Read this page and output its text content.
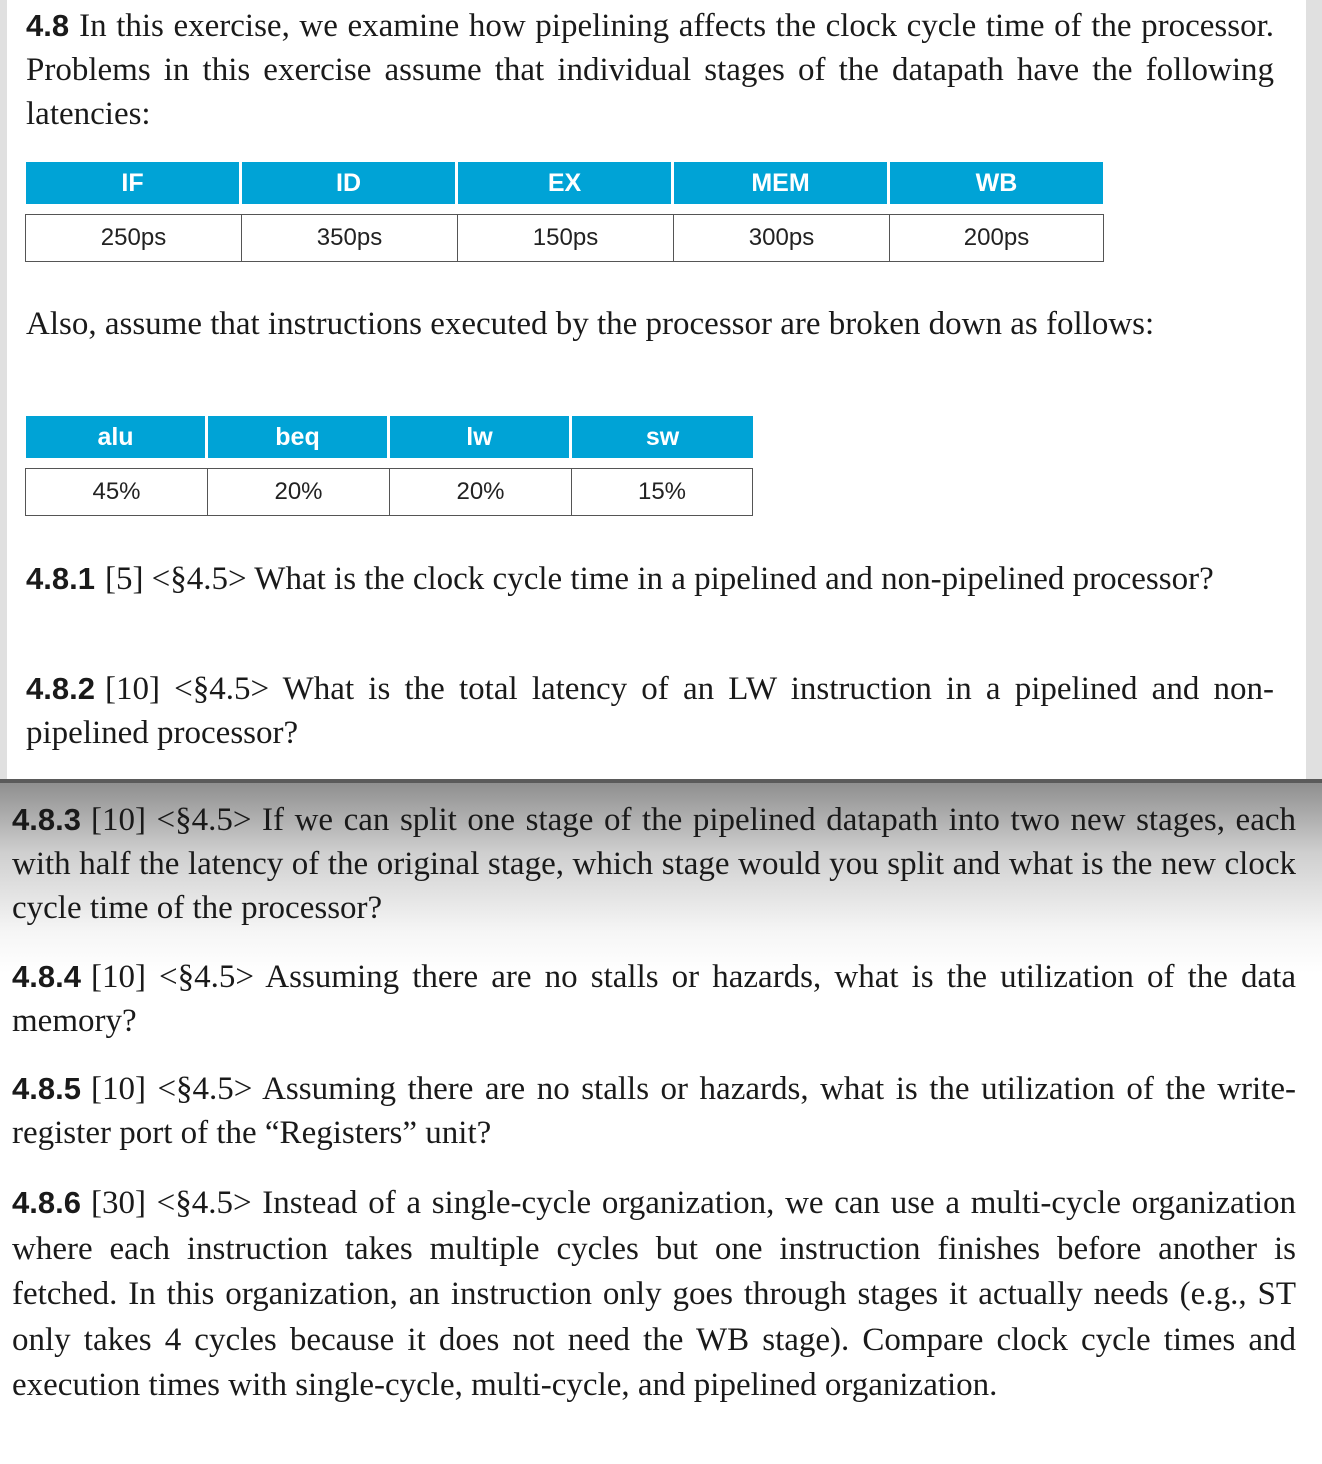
4.8 In this exercise, we examine how pipelining affects the clock cycle time of the processor. Problems in this exercise assume that individual stages of the datapath have the following latencies:

IF	ID	EX	MEM	WB
250ps	350ps	150ps	300ps	200ps

Also, assume that instructions executed by the processor are broken down as follows:

alu	beq	lw	sw
45%	20%	20%	15%

4.8.1 [5] <§4.5> What is the clock cycle time in a pipelined and non-pipelined processor?

4.8.2 [10] <§4.5> What is the total latency of an LW instruction in a pipelined and non-pipelined processor?

4.8.3 [10] <§4.5> If we can split one stage of the pipelined datapath into two new stages, each with half the latency of the original stage, which stage would you split and what is the new clock cycle time of the processor?

4.8.4 [10] <§4.5> Assuming there are no stalls or hazards, what is the utilization of the data memory?

4.8.5 [10] <§4.5> Assuming there are no stalls or hazards, what is the utilization of the write-register port of the “Registers” unit?

4.8.6 [30] <§4.5> Instead of a single-cycle organization, we can use a multi-cycle organization where each instruction takes multiple cycles but one instruction finishes before another is fetched. In this organization, an instruction only goes through stages it actually needs (e.g., ST only takes 4 cycles because it does not need the WB stage). Compare clock cycle times and execution times with single-cycle, multi-cycle, and pipelined organization.
